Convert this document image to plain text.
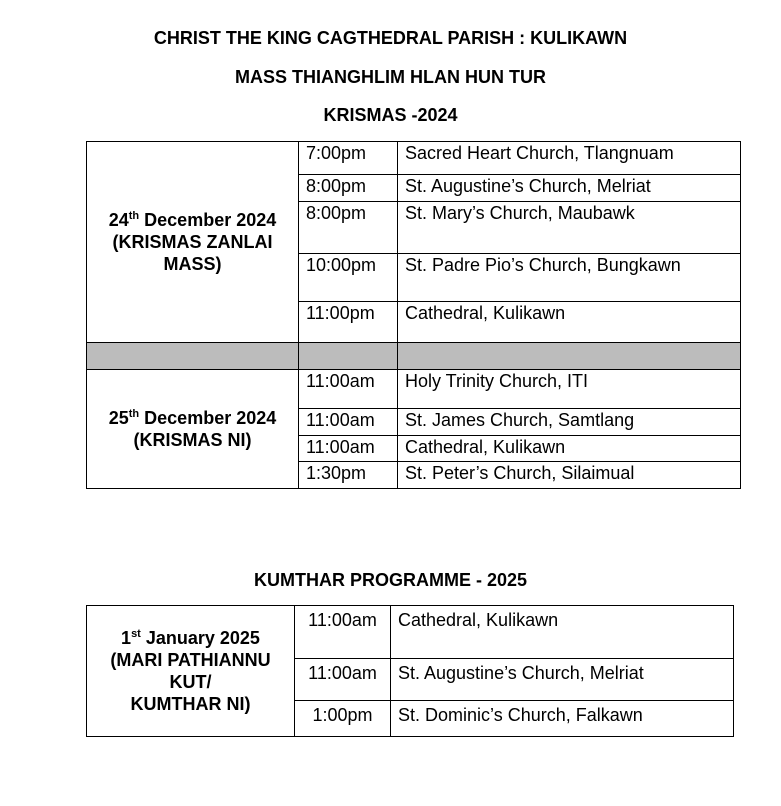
CHRIST THE KING CAGTHEDRAL PARISH : KULIKAWN
MASS THIANGHLIM HLAN HUN TUR
KRISMAS -2024
24th December 2024
(KRISMAS ZANLAI
MASS)	7:00pm	Sacred Heart Church, Tlangnuam
	8:00pm	St. Augustine’s Church, Melriat
	8:00pm	St. Mary’s Church, Maubawk
	10:00pm	St. Padre Pio’s Church, Bungkawn
	11:00pm	Cathedral, Kulikawn

25th December 2024
(KRISMAS NI)	11:00am	Holy Trinity Church, ITI
	11:00am	St. James Church, Samtlang
	11:00am	Cathedral, Kulikawn
	1:30pm	St. Peter’s Church, Silaimual
KUMTHAR PROGRAMME - 2025
1st January 2025
(MARI PATHIANNU
KUT/
KUMTHAR NI)	11:00am	Cathedral, Kulikawn
	11:00am	St. Augustine’s Church, Melriat
	1:00pm	St. Dominic’s Church, Falkawn
